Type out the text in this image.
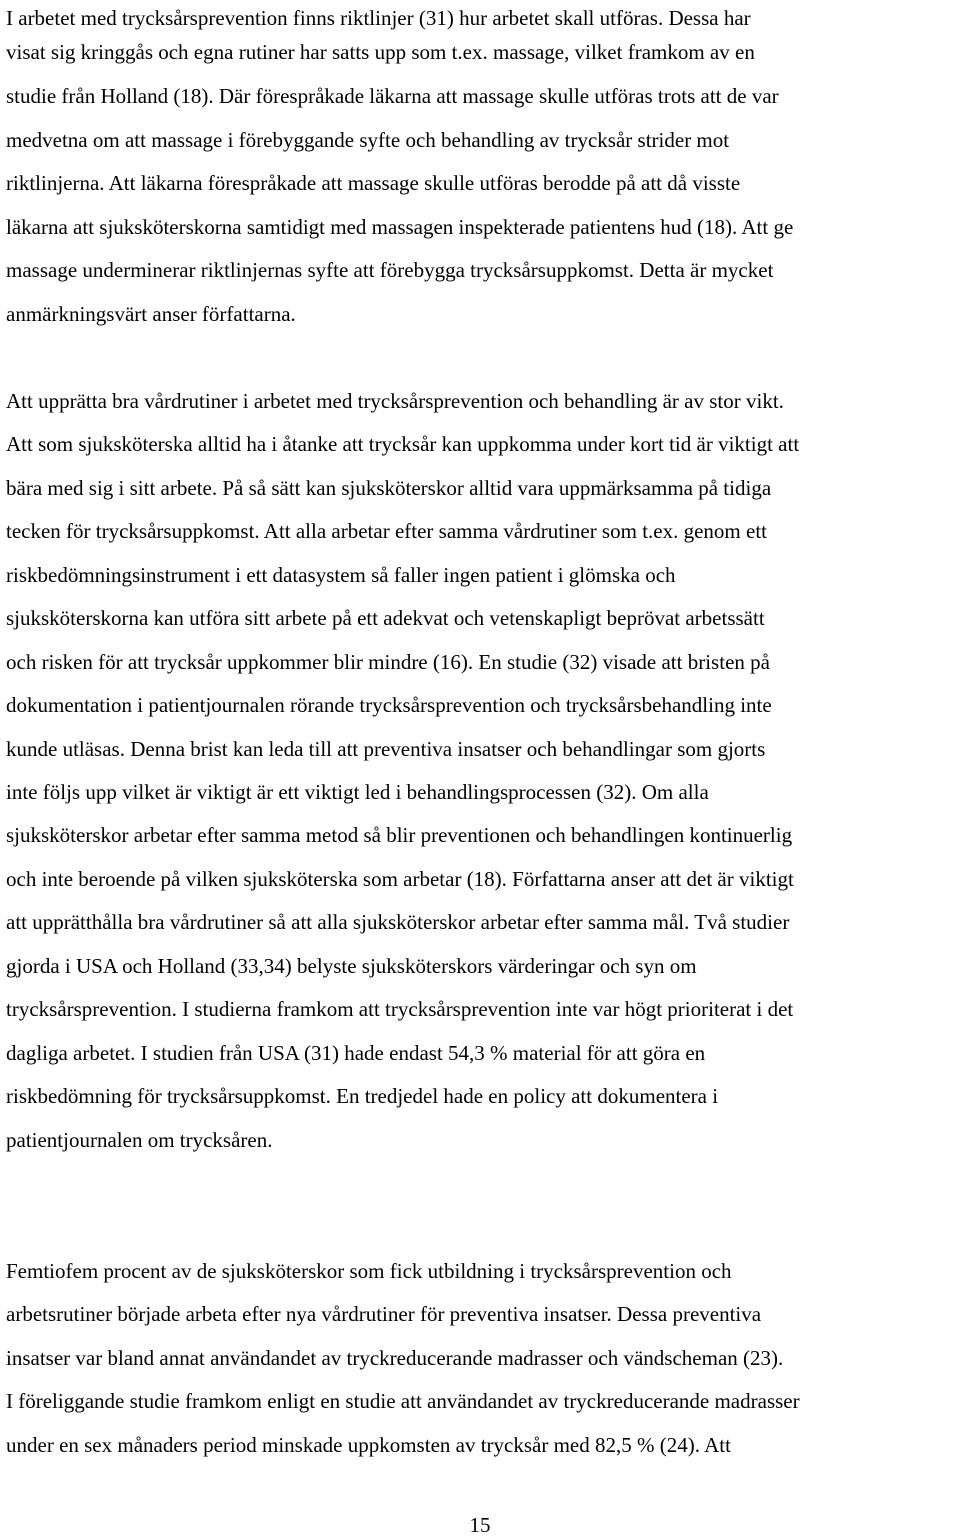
I arbetet med trycksårsprevention finns riktlinjer (31) hur arbetet skall utföras. Dessa har
visat sig kringgås och egna rutiner har satts upp som t.ex. massage, vilket framkom av en
studie från Holland (18). Där förespråkade läkarna att massage skulle utföras trots att de var
medvetna om att massage i förebyggande syfte och behandling av trycksår strider mot
riktlinjerna. Att läkarna förespråkade att massage skulle utföras berodde på att då visste
läkarna att sjuksköterskorna samtidigt med massagen inspekterade patientens hud (18). Att ge
massage underminerar riktlinjernas syfte att förebygga trycksårsuppkomst. Detta är mycket
anmärkningsvärt anser författarna.
Att upprätta bra vårdrutiner i arbetet med trycksårsprevention och behandling är av stor vikt.
Att som sjuksköterska alltid ha i åtanke att trycksår kan uppkomma under kort tid är viktigt att
bära med sig i sitt arbete. På så sätt kan sjuksköterskor alltid vara uppmärksamma på tidiga
tecken för trycksårsuppkomst. Att alla arbetar efter samma vårdrutiner som t.ex. genom ett
riskbedömningsinstrument i ett datasystem så faller ingen patient i glömska och
sjuksköterskorna kan utföra sitt arbete på ett adekvat och vetenskapligt beprövat arbetssätt
och risken för att trycksår uppkommer blir mindre (16). En studie (32) visade att bristen på
dokumentation i patientjournalen rörande trycksårsprevention och trycksårsbehandling inte
kunde utläsas. Denna brist kan leda till att preventiva insatser och behandlingar som gjorts
inte följs upp vilket är viktigt är ett viktigt led i behandlingsprocessen (32). Om alla
sjuksköterskor arbetar efter samma metod så blir preventionen och behandlingen kontinuerlig
och inte beroende på vilken sjuksköterska som arbetar (18). Författarna anser att det är viktigt
att upprätthålla bra vårdrutiner så att alla sjuksköterskor arbetar efter samma mål. Två studier
gjorda i USA och Holland (33,34) belyste sjuksköterskors värderingar och syn om
trycksårsprevention. I studierna framkom att trycksårsprevention inte var högt prioriterat i det
dagliga arbetet. I studien från USA (31) hade endast 54,3 % material för att göra en
riskbedömning för trycksårsuppkomst. En tredjedel hade en policy att dokumentera i
patientjournalen om trycksåren.
Femtiofem procent av de sjuksköterskor som fick utbildning i trycksårsprevention och
arbetsrutiner började arbeta efter nya vårdrutiner för preventiva insatser. Dessa preventiva
insatser var bland annat användandet av tryckreducerande madrasser och vändscheman (23).
I föreliggande studie framkom enligt en studie att användandet av tryckreducerande madrasser
under en sex månaders period minskade uppkomsten av trycksår med 82,5 % (24). Att
15
